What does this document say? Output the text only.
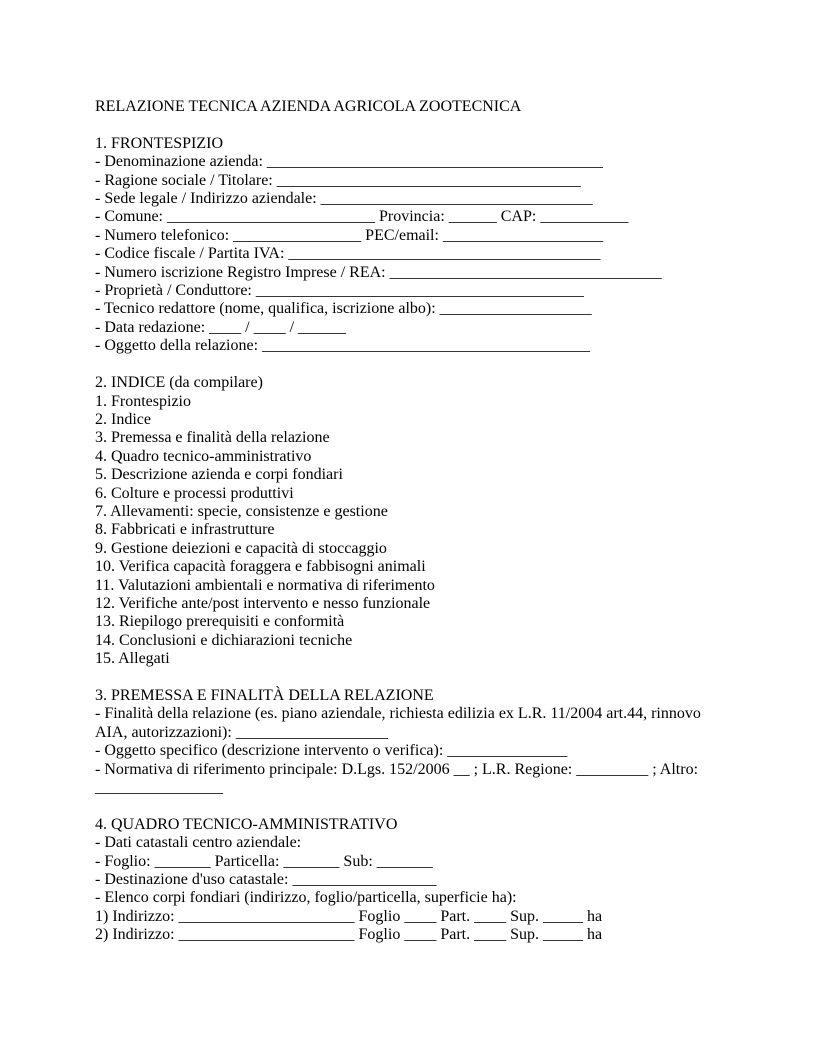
RELAZIONE TECNICA AZIENDA AGRICOLA ZOOTECNICA

1. FRONTESPIZIO
- Denominazione azienda: __________________________________________
- Ragione sociale / Titolare: ______________________________________
- Sede legale / Indirizzo aziendale: __________________________________
- Comune: __________________________ Provincia: ______ CAP: ___________
- Numero telefonico: ________________ PEC/email: ____________________
- Codice fiscale / Partita IVA: _______________________________________
- Numero iscrizione Registro Imprese / REA: __________________________________
- Proprietà / Conduttore: _________________________________________
- Tecnico redattore (nome, qualifica, iscrizione albo): ___________________
- Data redazione: ____ / ____ / ______
- Oggetto della relazione: _________________________________________

2. INDICE (da compilare)
1. Frontespizio
2. Indice
3. Premessa e finalità della relazione
4. Quadro tecnico-amministrativo
5. Descrizione azienda e corpi fondiari
6. Colture e processi produttivi
7. Allevamenti: specie, consistenze e gestione
8. Fabbricati e infrastrutture
9. Gestione deiezioni e capacità di stoccaggio
10. Verifica capacità foraggera e fabbisogni animali
11. Valutazioni ambientali e normativa di riferimento
12. Verifiche ante/post intervento e nesso funzionale
13. Riepilogo prerequisiti e conformità
14. Conclusioni e dichiarazioni tecniche
15. Allegati

3. PREMESSA E FINALITÀ DELLA RELAZIONE
- Finalità della relazione (es. piano aziendale, richiesta edilizia ex L.R. 11/2004 art.44, rinnovo
AIA, autorizzazioni): ___________________
- Oggetto specifico (descrizione intervento o verifica): _______________
- Normativa di riferimento principale: D.Lgs. 152/2006 __ ; L.R. Regione: _________ ; Altro:
________________

4. QUADRO TECNICO-AMMINISTRATIVO
- Dati catastali centro aziendale:
- Foglio: _______ Particella: _______ Sub: _______
- Destinazione d'uso catastale: __________________
- Elenco corpi fondiari (indirizzo, foglio/particella, superficie ha):
1) Indirizzo: ______________________ Foglio ____ Part. ____ Sup. _____ ha
2) Indirizzo: ______________________ Foglio ____ Part. ____ Sup. _____ ha
